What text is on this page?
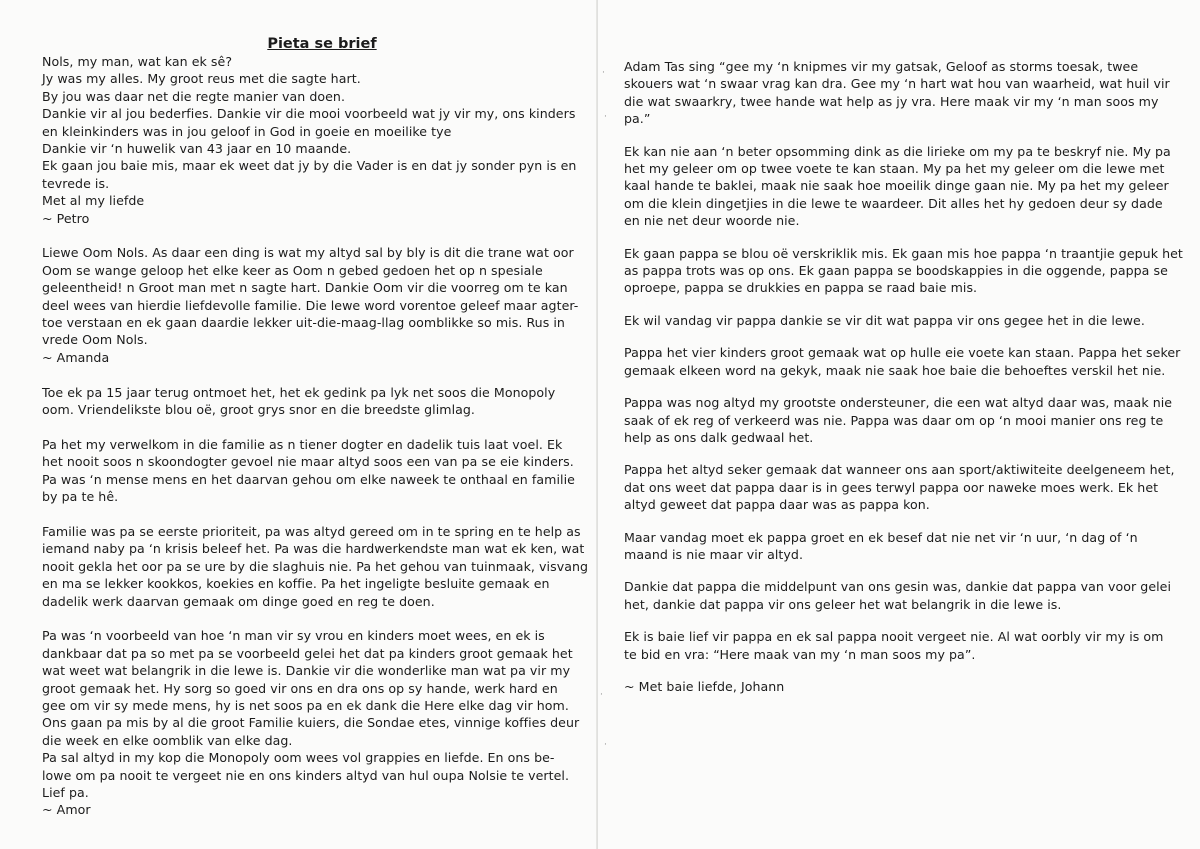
Pieta se brief
Nols, my man, wat kan ek sê?
Jy was my alles. My groot reus met die sagte hart.
By jou was daar net die regte manier van doen.
Dankie vir al jou bederfies. Dankie vir die mooi voorbeeld wat jy vir my, ons kinders
en kleinkinders was in jou geloof in God in goeie en moeilike tye
Dankie vir ‘n huwelik van 43 jaar en 10 maande.
Ek gaan jou baie mis, maar ek weet dat jy by die Vader is en dat jy sonder pyn is en
tevrede is.
Met al my liefde
~ Petro
Liewe Oom Nols. As daar een ding is wat my altyd sal by bly is dit die trane wat oor
Oom se wange geloop het elke keer as Oom n gebed gedoen het op n spesiale
geleentheid! n Groot man met n sagte hart. Dankie Oom vir die voorreg om te kan
deel wees van hierdie liefdevolle familie. Die lewe word vorentoe geleef maar agter-
toe verstaan en ek gaan daardie lekker uit-die-maag-llag oomblikke so mis. Rus in
vrede Oom Nols.
~ Amanda
Toe ek pa 15 jaar terug ontmoet het, het ek gedink pa lyk net soos die Monopoly
oom. Vriendelikste blou oë, groot grys snor en die breedste glimlag.
Pa het my verwelkom in die familie as n tiener dogter en dadelik tuis laat voel. Ek
het nooit soos n skoondogter gevoel nie maar altyd soos een van pa se eie kinders.
Pa was ‘n mense mens en het daarvan gehou om elke naweek te onthaal en familie
by pa te hê.
Familie was pa se eerste prioriteit, pa was altyd gereed om in te spring en te help as
iemand naby pa ‘n krisis beleef het. Pa was die hardwerkendste man wat ek ken, wat
nooit gekla het oor pa se ure by die slaghuis nie. Pa het gehou van tuinmaak, visvang
en ma se lekker kookkos, koekies en koffie. Pa het ingeligte besluite gemaak en
dadelik werk daarvan gemaak om dinge goed en reg te doen.
Pa was ‘n voorbeeld van hoe ‘n man vir sy vrou en kinders moet wees, en ek is
dankbaar dat pa so met pa se voorbeeld gelei het dat pa kinders groot gemaak het
wat weet wat belangrik in die lewe is. Dankie vir die wonderlike man wat pa vir my
groot gemaak het. Hy sorg so goed vir ons en dra ons op sy hande, werk hard en
gee om vir sy mede mens, hy is net soos pa en ek dank die Here elke dag vir hom.
Ons gaan pa mis by al die groot Familie kuiers, die Sondae etes, vinnige koffies deur
die week en elke oomblik van elke dag.
Pa sal altyd in my kop die Monopoly oom wees vol grappies en liefde. En ons be-
lowe om pa nooit te vergeet nie en ons kinders altyd van hul oupa Nolsie te vertel.
Lief pa.
~ Amor
Adam Tas sing “gee my ‘n knipmes vir my gatsak, Geloof as storms toesak, twee
skouers wat ‘n swaar vrag kan dra. Gee my ‘n hart wat hou van waarheid, wat huil vir
die wat swaarkry, twee hande wat help as jy vra. Here maak vir my ‘n man soos my
pa.”
Ek kan nie aan ‘n beter opsomming dink as die lirieke om my pa te beskryf nie. My pa
het my geleer om op twee voete te kan staan. My pa het my geleer om die lewe met
kaal hande te baklei, maak nie saak hoe moeilik dinge gaan nie. My pa het my geleer
om die klein dingetjies in die lewe te waardeer. Dit alles het hy gedoen deur sy dade
en nie net deur woorde nie.
Ek gaan pappa se blou oë verskriklik mis. Ek gaan mis hoe pappa ‘n traantjie gepuk het
as pappa trots was op ons. Ek gaan pappa se boodskappies in die oggende, pappa se
oproepe, pappa se drukkies en pappa se raad baie mis.
Ek wil vandag vir pappa dankie se vir dit wat pappa vir ons gegee het in die lewe.
Pappa het vier kinders groot gemaak wat op hulle eie voete kan staan. Pappa het seker
gemaak elkeen word na gekyk, maak nie saak hoe baie die behoeftes verskil het nie.
Pappa was nog altyd my grootste ondersteuner, die een wat altyd daar was, maak nie
saak of ek reg of verkeerd was nie. Pappa was daar om op ‘n mooi manier ons reg te
help as ons dalk gedwaal het.
Pappa het altyd seker gemaak dat wanneer ons aan sport/aktiwiteite deelgeneem het,
dat ons weet dat pappa daar is in gees terwyl pappa oor naweke moes werk. Ek het
altyd geweet dat pappa daar was as pappa kon.
Maar vandag moet ek pappa groet en ek besef dat nie net vir ‘n uur, ‘n dag of ‘n
maand is nie maar vir altyd.
Dankie dat pappa die middelpunt van ons gesin was, dankie dat pappa van voor gelei
het, dankie dat pappa vir ons geleer het wat belangrik in die lewe is.
Ek is baie lief vir pappa en ek sal pappa nooit vergeet nie. Al wat oorbly vir my is om
te bid en vra: “Here maak van my ‘n man soos my pa”.
~ Met baie liefde, Johann
·
·
·
·
